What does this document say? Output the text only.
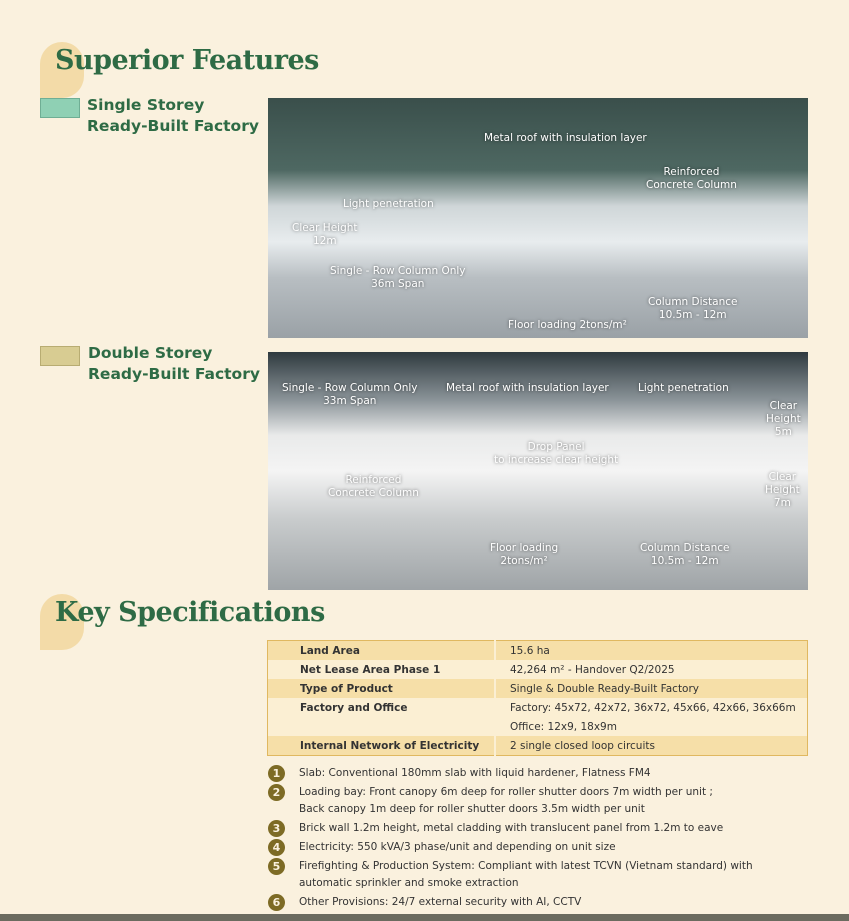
Superior Features
Single Storey
Ready-Built Factory
Metal roof with insulation layer
Reinforced
Concrete Column
Light penetration
Clear Height
12m
Single - Row Column Only
36m Span
Column Distance
10.5m - 12m
Floor loading 2tons/m²
Double Storey
Ready-Built Factory
Single - Row Column Only
33m Span
Metal roof with insulation layer	Light penetration
Clear
Height
5m
Drop Panel
to increase clear height
Reinforced
Concrete Column
Clear
Height
7m
Floor loading
2tons/m²
Column Distance
10.5m - 12m
Key Specifications
Land Area	15.6 ha
Net Lease Area Phase 1	42,264 m² - Handover Q2/2025
Type of Product	Single & Double Ready-Built Factory
Factory and Office	Factory: 45x72, 42x72, 36x72, 45x66, 42x66, 36x66m
	Office: 12x9, 18x9m
Internal Network of Electricity	2 single closed loop circuits
1	Slab: Conventional 180mm slab with liquid hardener, Flatness FM4
2	Loading bay: Front canopy 6m deep for roller shutter doors 7m width per unit ;
Back canopy 1m deep for roller shutter doors 3.5m width per unit
3	Brick wall 1.2m height, metal cladding with translucent panel from 1.2m to eave
4	Electricity: 550 kVA/3 phase/unit and depending on unit size
5	Firefighting & Production System: Compliant with latest TCVN (Vietnam standard) with
automatic sprinkler and smoke extraction
6	Other Provisions: 24/7 external security with AI, CCTV
